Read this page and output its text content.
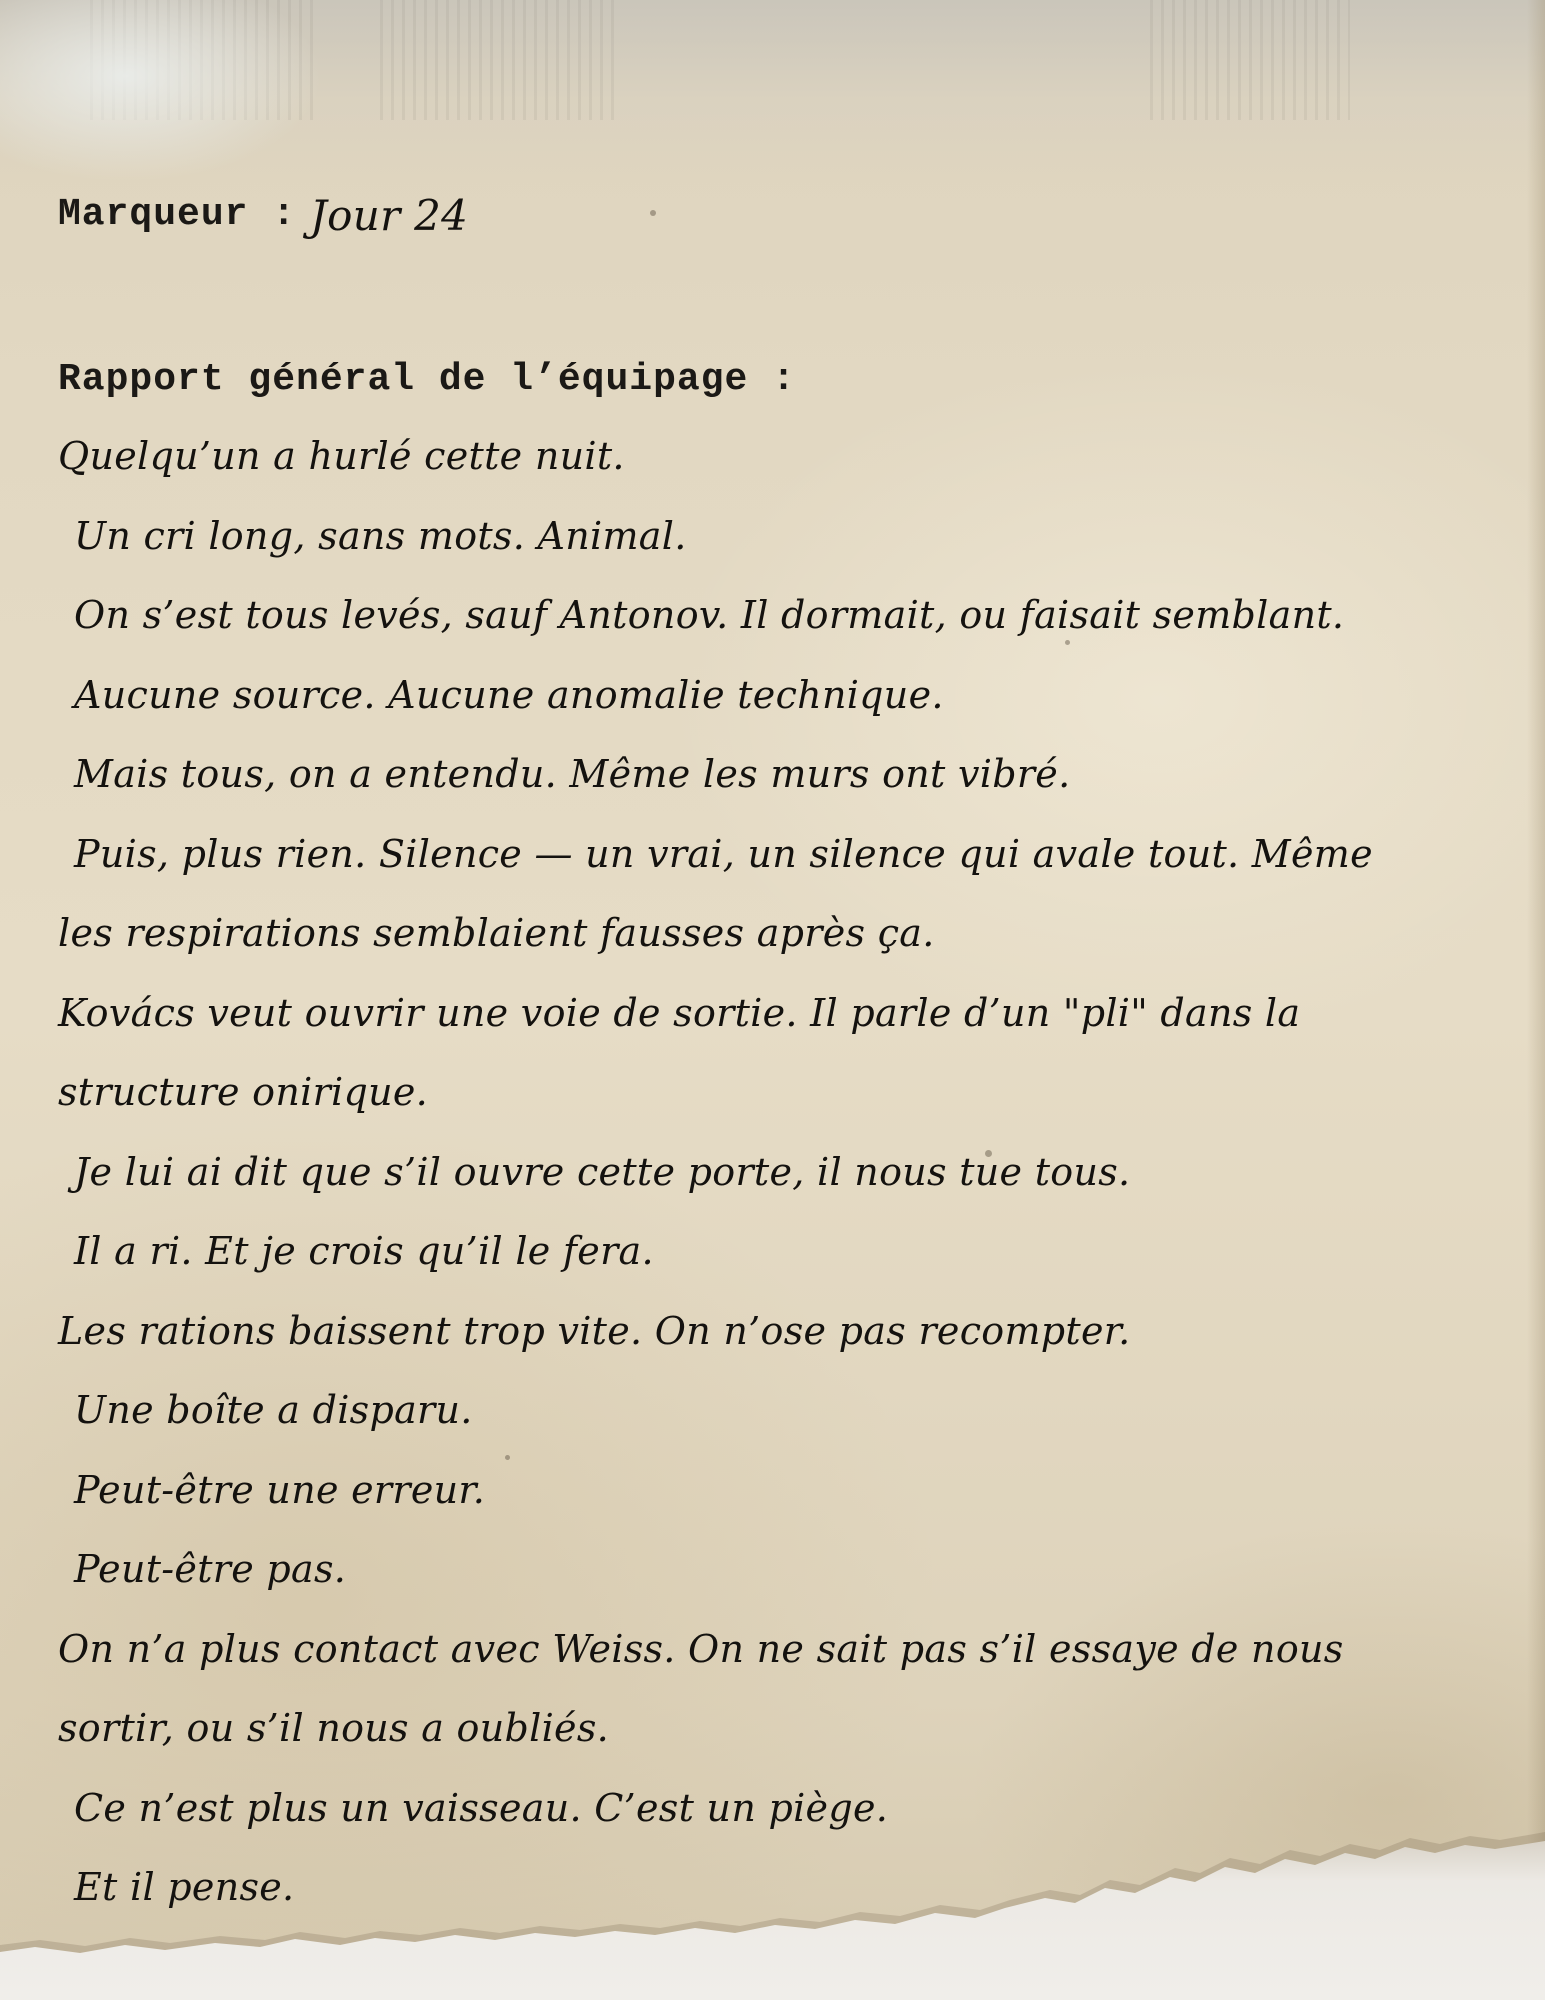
Marqueur : Jour 24
Rapport général de l’équipage :
Quelqu’un a hurlé cette nuit.
Un cri long, sans mots. Animal.
On s’est tous levés, sauf Antonov. Il dormait, ou faisait semblant.
Aucune source. Aucune anomalie technique.
Mais tous, on a entendu. Même les murs ont vibré.
Puis, plus rien. Silence — un vrai, un silence qui avale tout. Même
les respirations semblaient fausses après ça.
Kovács veut ouvrir une voie de sortie. Il parle d’un "pli" dans la
structure onirique.
Je lui ai dit que s’il ouvre cette porte, il nous tue tous.
Il a ri. Et je crois qu’il le fera.
Les rations baissent trop vite. On n’ose pas recompter.
Une boîte a disparu.
Peut-être une erreur.
Peut-être pas.
On n’a plus contact avec Weiss. On ne sait pas s’il essaye de nous
sortir, ou s’il nous a oubliés.
Ce n’est plus un vaisseau. C’est un piège.
Et il pense.
